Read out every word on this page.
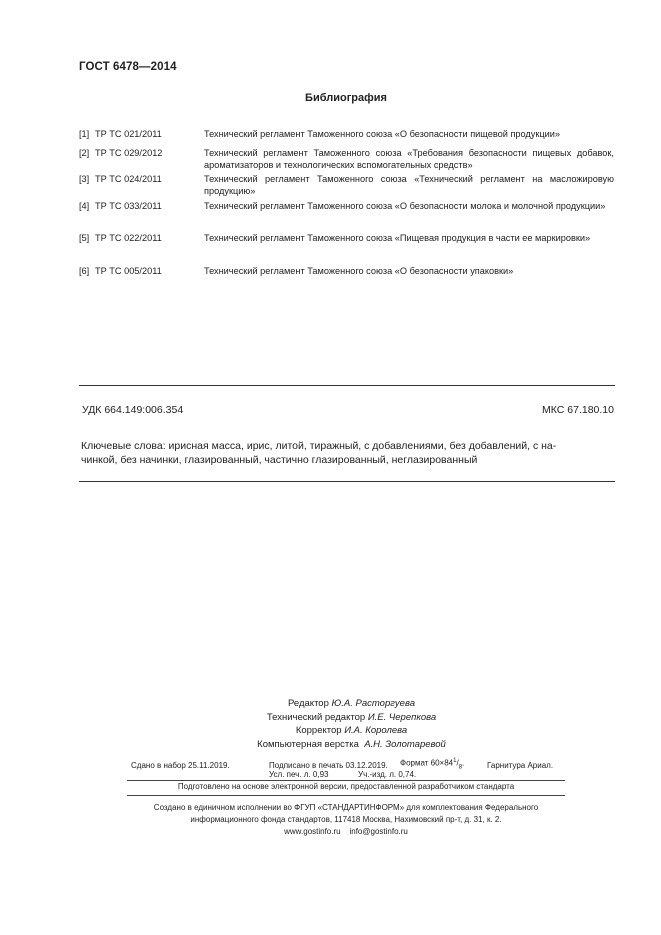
ГОСТ 6478—2014
Библиография
[1] ТР ТС 021/2011	Технический регламент Таможенного союза «О безопасности пищевой продукции»
[2] ТР ТС 029/2012	Технический регламент Таможенного союза «Требования безопасности пищевых добавок, ароматизаторов и технологических вспомогательных средств»
[3] ТР ТС 024/2011	Технический регламент Таможенного союза «Технический регламент на масложировую продукцию»
[4] ТР ТС 033/2011	Технический регламент Таможенного союза «О безопасности молока и молочной продукции»
[5] ТР ТС 022/2011	Технический регламент Таможенного союза «Пищевая продукция в части ее маркировки»
[6] ТР ТС 005/2011	Технический регламент Таможенного союза «О безопасности упаковки»
УДК 664.149:006.354	МКС 67.180.10
Ключевые слова: ирисная масса, ирис, литой, тиражный, с добавлениями, без добавлений, с на-
чинкой, без начинки, глазированный, частично глазированный, неглазированный
Редактор Ю.А. Расторгуева
Технический редактор И.Е. Черепкова
Корректор И.А. Королева
Компьютерная верстка А.Н. Золотаревой
Сдано в набор 25.11.2019.	Подписано в печать 03.12.2019. Формат $60\times 84^1/_8$.	Гарнитура Ариал.
Усл. печ. л. 0,93	Уч.-изд. л. 0,74.
Подготовлено на основе электронной версии, предоставленной разработчиком стандарта
Создано в единичном исполнении во ФГУП «СТАНДАРТИНФОРМ» для комплектования Федерального
информационного фонда стандартов, 117418 Москва, Нахимовский пр-т, д. 31, к. 2.
www.gostinfo.ru info@gostinfo.ru
